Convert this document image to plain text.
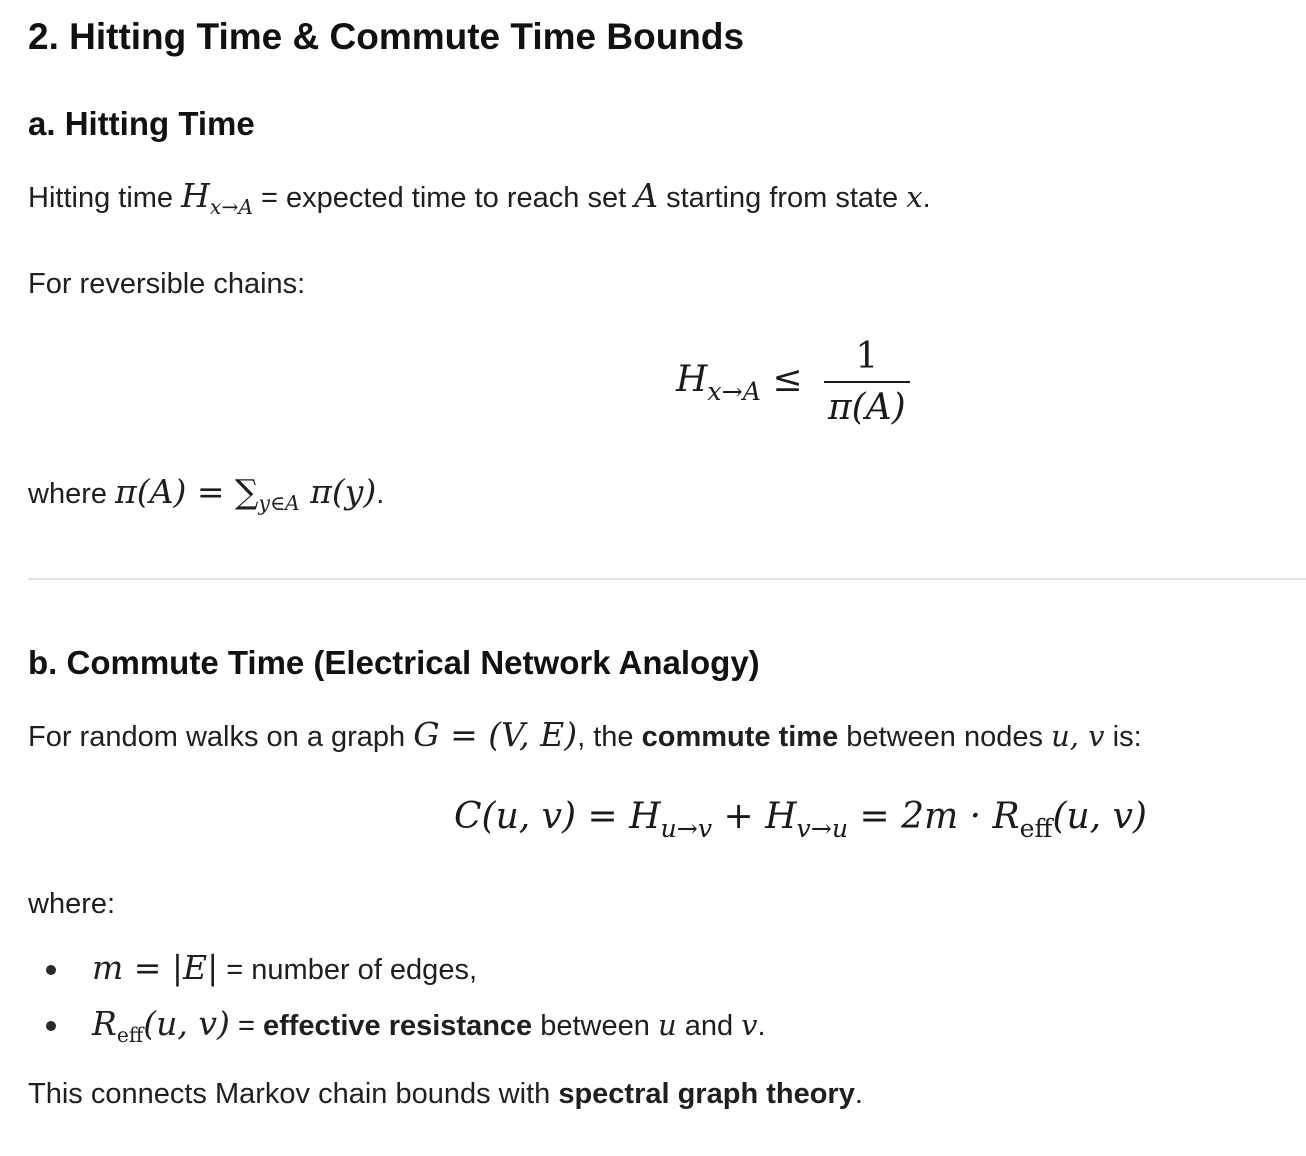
2. Hitting Time & Commute Time Bounds
a. Hitting Time
Hitting time $H_{x\to A}$ = expected time to reach set A starting from state x.
For reversible chains:
$H_{x\to A} \le \frac{1}{\pi(A)}$
where $\pi(A) = \sum_{y\in A}$ π(y).
b. Commute Time (Electrical Network Analogy)
For random walks on a graph G = (V, E), the commute time between nodes u, v is:
C(u, $v) = H_{u\to v} + H_{v\to u} = 2m \cdot R_{eff}(u$, v)
where:
m = |E| = number of edges,
$R_{eff}(u$, v) = effective resistance between u and v.
This connects Markov chain bounds with spectral graph theory.
